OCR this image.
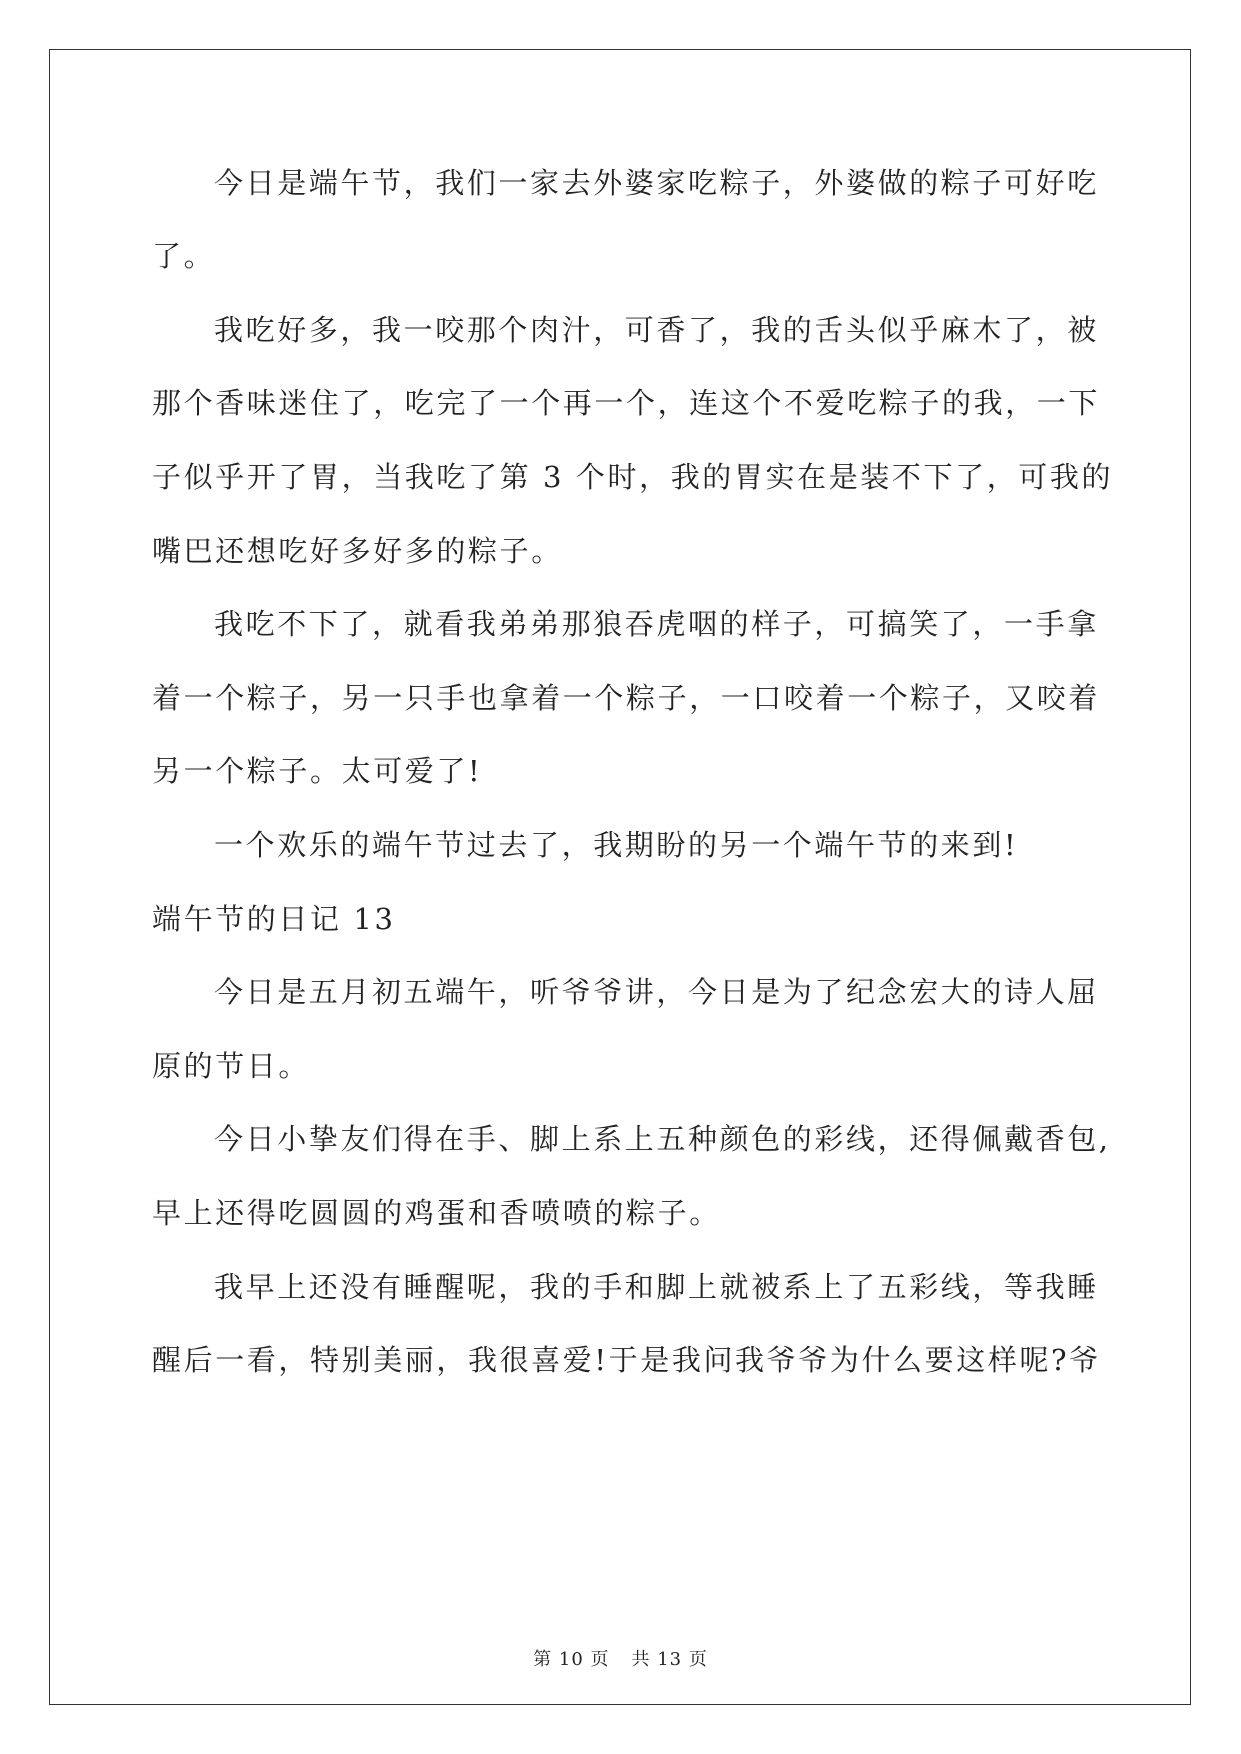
今日是端午节，我们一家去外婆家吃粽子，外婆做的粽子可好吃
了。
我吃好多，我一咬那个肉汁，可香了，我的舌头似乎麻木了，被
那个香味迷住了，吃完了一个再一个，连这个不爱吃粽子的我，一下
子似乎开了胃，当我吃了第 3 个时，我的胃实在是装不下了，可我的
嘴巴还想吃好多好多的粽子。
我吃不下了，就看我弟弟那狼吞虎咽的样子，可搞笑了，一手拿
着一个粽子，另一只手也拿着一个粽子，一口咬着一个粽子，又咬着
另一个粽子。太可爱了!
一个欢乐的端午节过去了，我期盼的另一个端午节的来到!
端午节的日记 13
今日是五月初五端午，听爷爷讲，今日是为了纪念宏大的诗人屈
原的节日。
今日小挚友们得在手、脚上系上五种颜色的彩线，还得佩戴香包,
早上还得吃圆圆的鸡蛋和香喷喷的粽子。
我早上还没有睡醒呢，我的手和脚上就被系上了五彩线，等我睡
醒后一看，特别美丽，我很喜爱!于是我问我爷爷为什么要这样呢?爷
第 10 页 共 13 页
